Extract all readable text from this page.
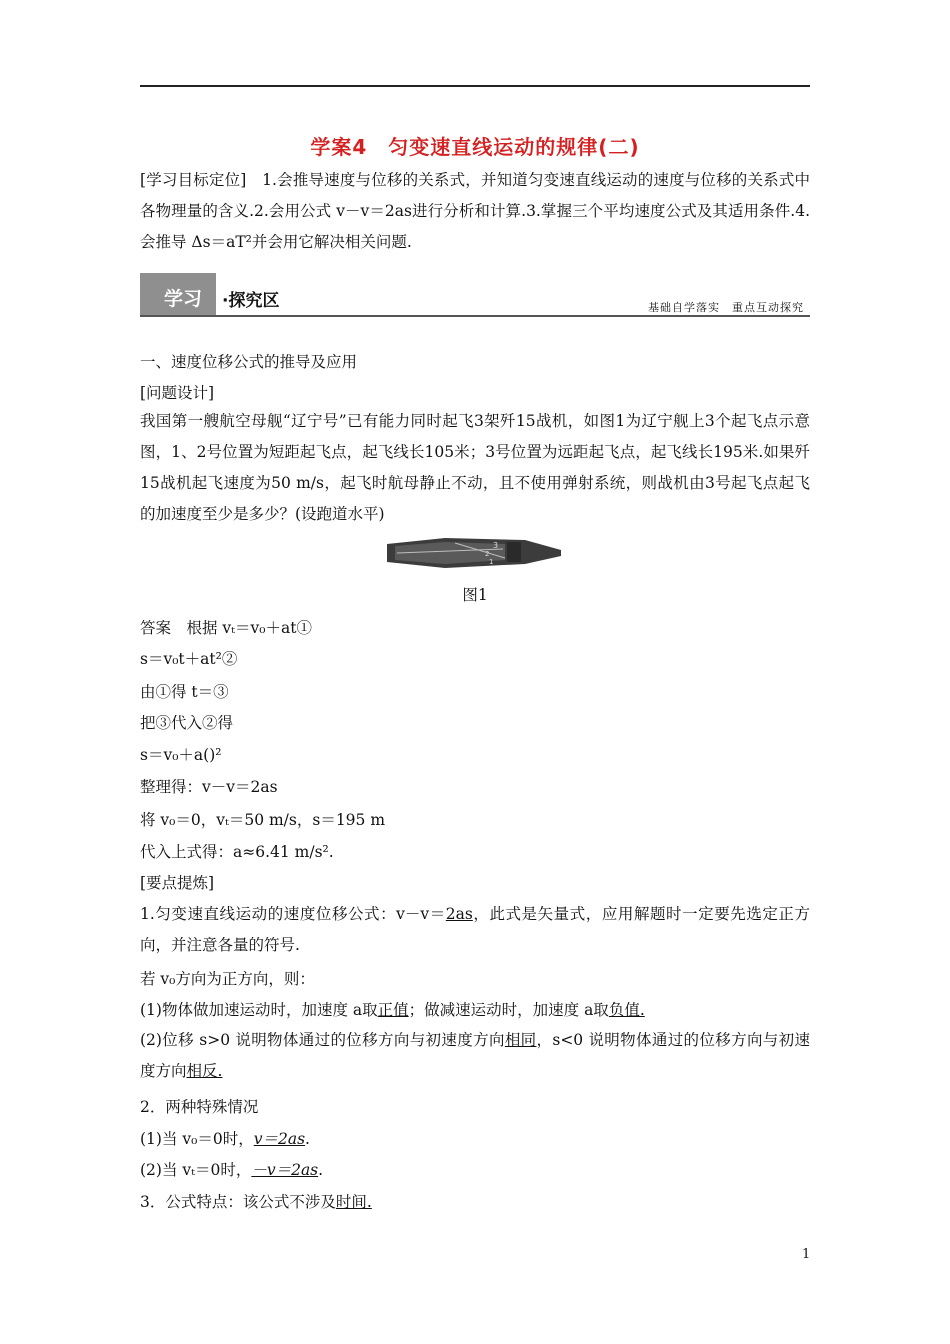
学案4　匀变速直线运动的规律(二)
[学习目标定位]　1.会推导速度与位移的关系式，并知道匀变速直线运动的速度与位移的关系式中各物理量的含义.2.会用公式 v－v＝2as进行分析和计算.3.掌握三个平均速度公式及其适用条件.4.会推导 Δs＝aT²并会用它解决相关问题.
学习 ·探究区	基础自学落实　重点互动探究
一、速度位移公式的推导及应用
[问题设计]
我国第一艘航空母舰“辽宁号”已有能力同时起飞3架歼15战机，如图1为辽宁舰上3个起飞点示意图，1、2号位置为短距起飞点，起飞线长105米；3号位置为远距起飞点，起飞线长195米.如果歼15战机起飞速度为50 m/s，起飞时航母静止不动，且不使用弹射系统，则战机由3号起飞点起飞的加速度至少是多少？(设跑道水平)
3
2
1
图1
答案　根据 vₜ＝v₀＋at①
s＝v₀t＋at²②
由①得 t＝③
把③代入②得
s＝v₀＋a()²
整理得：v－v＝2as
将 v₀＝0，vₜ＝50 m/s，s＝195 m
代入上式得：a≈6.41 m/s².
[要点提炼]
1.匀变速直线运动的速度位移公式：v－v＝2as，此式是矢量式，应用解题时一定要先选定正方向，并注意各量的符号.
若 v₀方向为正方向，则：
(1)物体做加速运动时，加速度 a取正值；做减速运动时，加速度 a取负值.
(2)位移 s>0 说明物体通过的位移方向与初速度方向相同，s<0 说明物体通过的位移方向与初速度方向相反.
2．两种特殊情况
(1)当 v₀＝0时，v＝2as.
(2)当 vₜ＝0时，－v＝2as.
3．公式特点：该公式不涉及时间.
1
